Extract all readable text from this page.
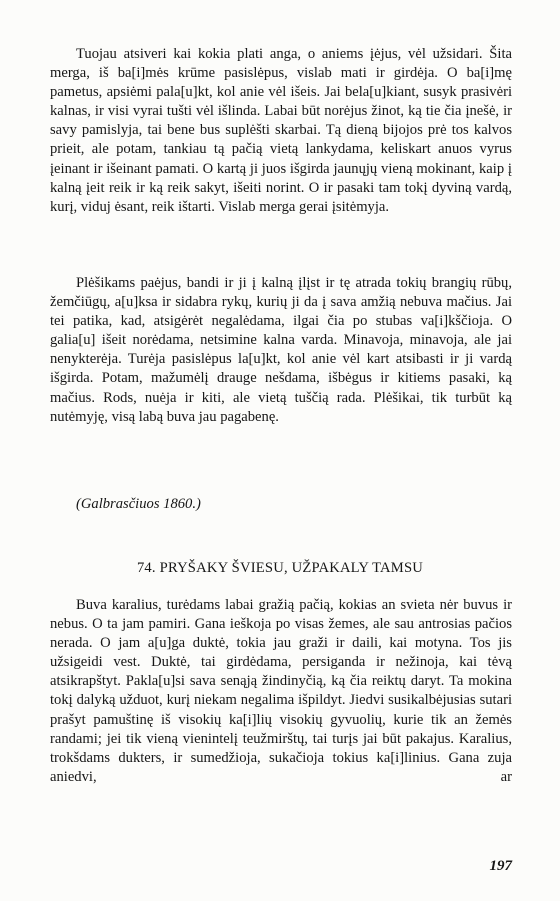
Tuojau atsiveri kai kokia plati anga, o aniems įėjus, vėl užsidari. Šita merga, iš ba[i]mės krūme pasislėpus, vislab mati ir girdėja. O ba[i]mę pametus, apsiėmi pala[u]kt, kol anie vėl išeis. Jai bela[u]kiant, susyk prasivėri kalnas, ir visi vyrai tušti vėl išlinda. Labai būt norėjus žinot, ką tie čia įnešė, ir savy pamislyja, tai bene bus suplėšti skarbai. Tą dieną bijojos prė tos kalvos prieit, ale potam, tankiau tą pačią vietą lankydama, keliskart anuos vyrus įeinant ir išeinant pamati. O kartą ji juos išgirda jaunųjų vieną mokinant, kaip į kalną įeit reik ir ką reik sakyt, išeiti norint. O ir pasaki tam tokį dyviną vardą, kurį, viduj ėsant, reik ištarti. Vislab merga gerai įsitėmyja.

Plėšikams paėjus, bandi ir ji į kalną įlįst ir tę atrada tokių brangių rūbų, žemčiūgų, a[u]ksa ir sidabra rykų, kurių ji da į sava amžią nebuva mačius. Jai tei patika, kad, atsigėrėt negalėdama, ilgai čia po stubas va[i]kščioja. O galia[u] išeit norėdama, netsimine kalna varda. Minavoja, minavoja, ale jai nenykterėja. Turėja pasislėpus la[u]kt, kol anie vėl kart atsibasti ir ji vardą išgirda. Potam, mažumėlį drauge nešdama, išbėgus ir kitiems pasaki, ką mačius. Rods, nuėja ir kiti, ale vietą tuščią rada. Plėšikai, tik turbūt ką nutėmyję, visą labą buva jau pagabenę.

(Galbrasčiuos 1860.)
74. PRYŠAKY ŠVIESU, UŽPAKALY TAMSU

Buva karalius, turėdams labai gražią pačią, kokias an svieta nėr buvus ir nebus. O ta jam pamiri. Gana ieškoja po visas žemes, ale sau antrosias pačios nerada. O jam a[u]ga duktė, tokia jau graži ir daili, kai motyna. Tos jis užsigeidi vest. Duktė, tai girdėdama, persiganda ir nežinoja, kai tėvą atsikrapštyt. Pakla[u]si sava senąją žindinyčią, ką čia reiktų daryt. Ta mokina tokį dalyką užduot, kurį niekam negalima išpildyt. Jiedvi susikalbėjusias sutari prašyt pamuštinę iš visokių ka[i]lių visokių gyvuolių, kurie tik an žemės randami; jei tik vieną vienintelį teužmirštų, tai turįs jai būt pakajus. Karalius, trokšdams dukters, ir sumedžioja, sukačioja tokius ka[i]linius. Gana zuja aniedvi, ar

197
